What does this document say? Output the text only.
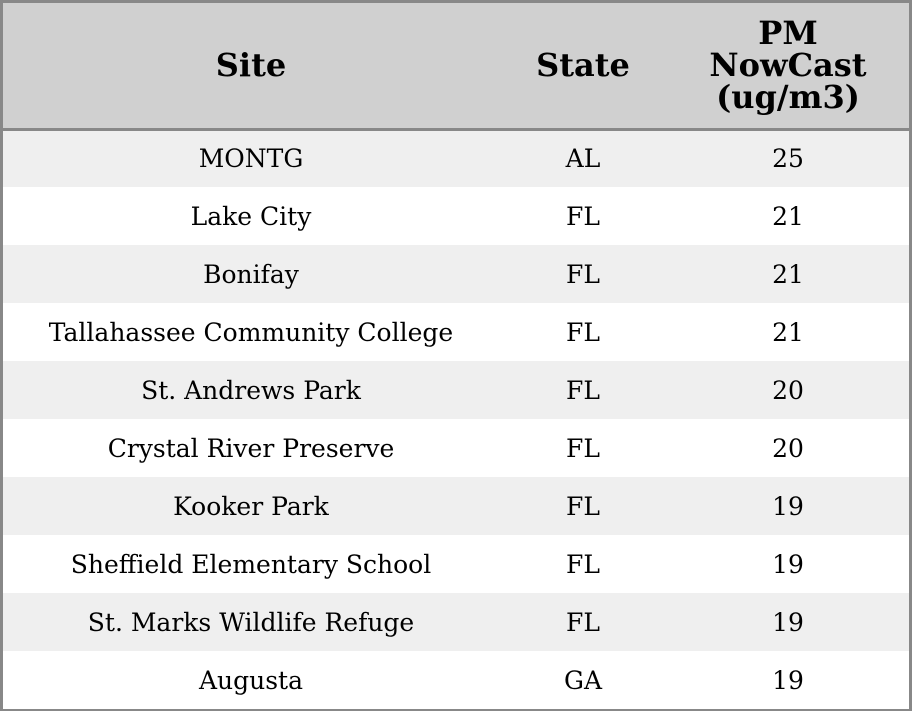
Site	State	PM
NowCast
(ug/m3)

MONTG	AL	25
Lake City	FL	21
Bonifay	FL	21
Tallahassee Community College	FL	21
St. Andrews Park	FL	20
Crystal River Preserve	FL	20
Kooker Park	FL	19
Sheffield Elementary School	FL	19
St. Marks Wildlife Refuge	FL	19
Augusta	GA	19
